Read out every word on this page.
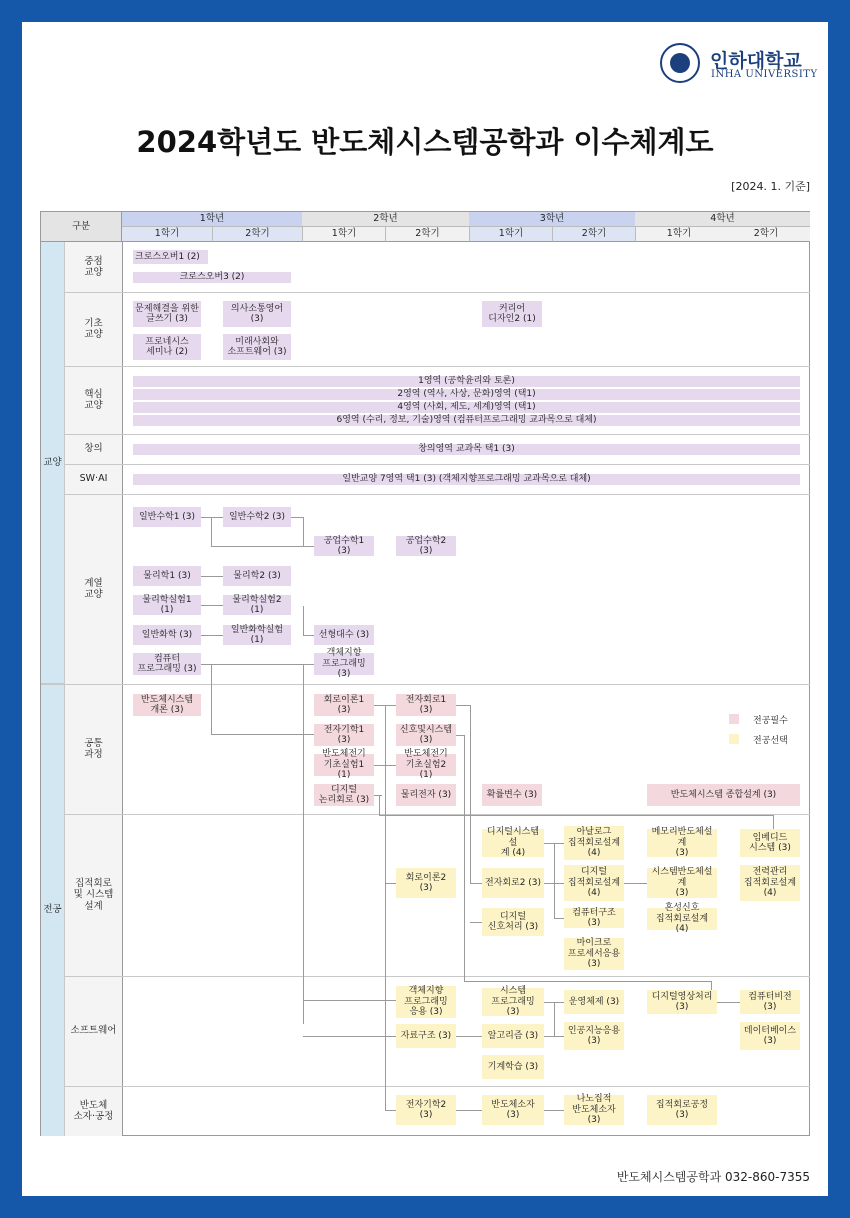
인하대학교
INHA UNIVERSITY
2024학년도 반도체시스템공학과 이수체계도
[2024. 1. 기준]
구분
1학년	2학년	3학년	4학년
1학기	2학기	1학기	2학기	1학기	2학기	1학기	2학기
교양
전공
중점
교양
기초
교양
핵심
교양
창의
SW·AI
계열
교양
공통
과정
집적회로
및 시스템
설계
소프트웨어
반도체
소자·공정
크로스오버1 (2)
크로스오버3 (2)
문제해결을 위한
글쓰기 (3)
의사소통영어
(3)
커리어
디자인2 (1)
프로네시스
세미나 (2)
미래사회와
소프트웨어 (3)
1영역 (공학윤리와 토론)
2영역 (역사, 사상, 문화)영역 (택1)
4영역 (사회, 제도, 세계)영역 (택1)
6영역 (수리, 정보, 기술)영역 (컴퓨터프로그래밍 교과목으로 대체)
창의영역 교과목 택1 (3)
일반교양 7영역 택1 (3) (객체지향프로그래밍 교과목으로 대체)
일반수학1 (3)	일반수학2 (3)
공업수학1 (3)
공업수학2 (3)
물리학1 (3)	물리학2 (3)
물리학실험1 (1)
물리학실험2 (1)
일반화학 (3)
일반화학실험 (1)
선형대수 (3)
컴퓨터
프로그래밍 (3)
객체지향
프로그래밍 (3)
반도체시스템
개론 (3)
회로이론1 (3)
전자회로1 (3)
전자기학1 (3)
신호및시스템
(3)
반도체전기
기초실험1 (1)
반도체전기
기초실험2 (1)
디지털
논리회로 (3)
물리전자 (3)	확률변수 (3)	반도체시스템 종합설계 (3)
전공필수
전공선택
디지털시스템설
계 (4)
아날로그
집적회로설계
(4)
메모리반도체설계
(3)
임베디드
시스템 (3)
회로이론2 (3)
전자회로2 (3)
디지털
집적회로설계
(4)
시스템반도체설계
(3)
전력관리
집적회로설계
(4)
디지털
신호처리 (3)
컴퓨터구조 (3)
혼성신호
집적회로설계 (4)
마이크로
프로세서응용
(3)
객체지향
프로그래밍
응용 (3)
시스템
프로그래밍 (3)
운영체제 (3)
디지털영상처리 (3)
컴퓨터비전 (3)
자료구조 (3)	알고리즘 (3)
인공지능응용
(3)
데이터베이스
(3)
기계학습 (3)
전자기학2 (3)
반도체소자 (3)
나노집적
반도체소자 (3)
집적회로공정 (3)
반도체시스템공학과 032-860-7355
